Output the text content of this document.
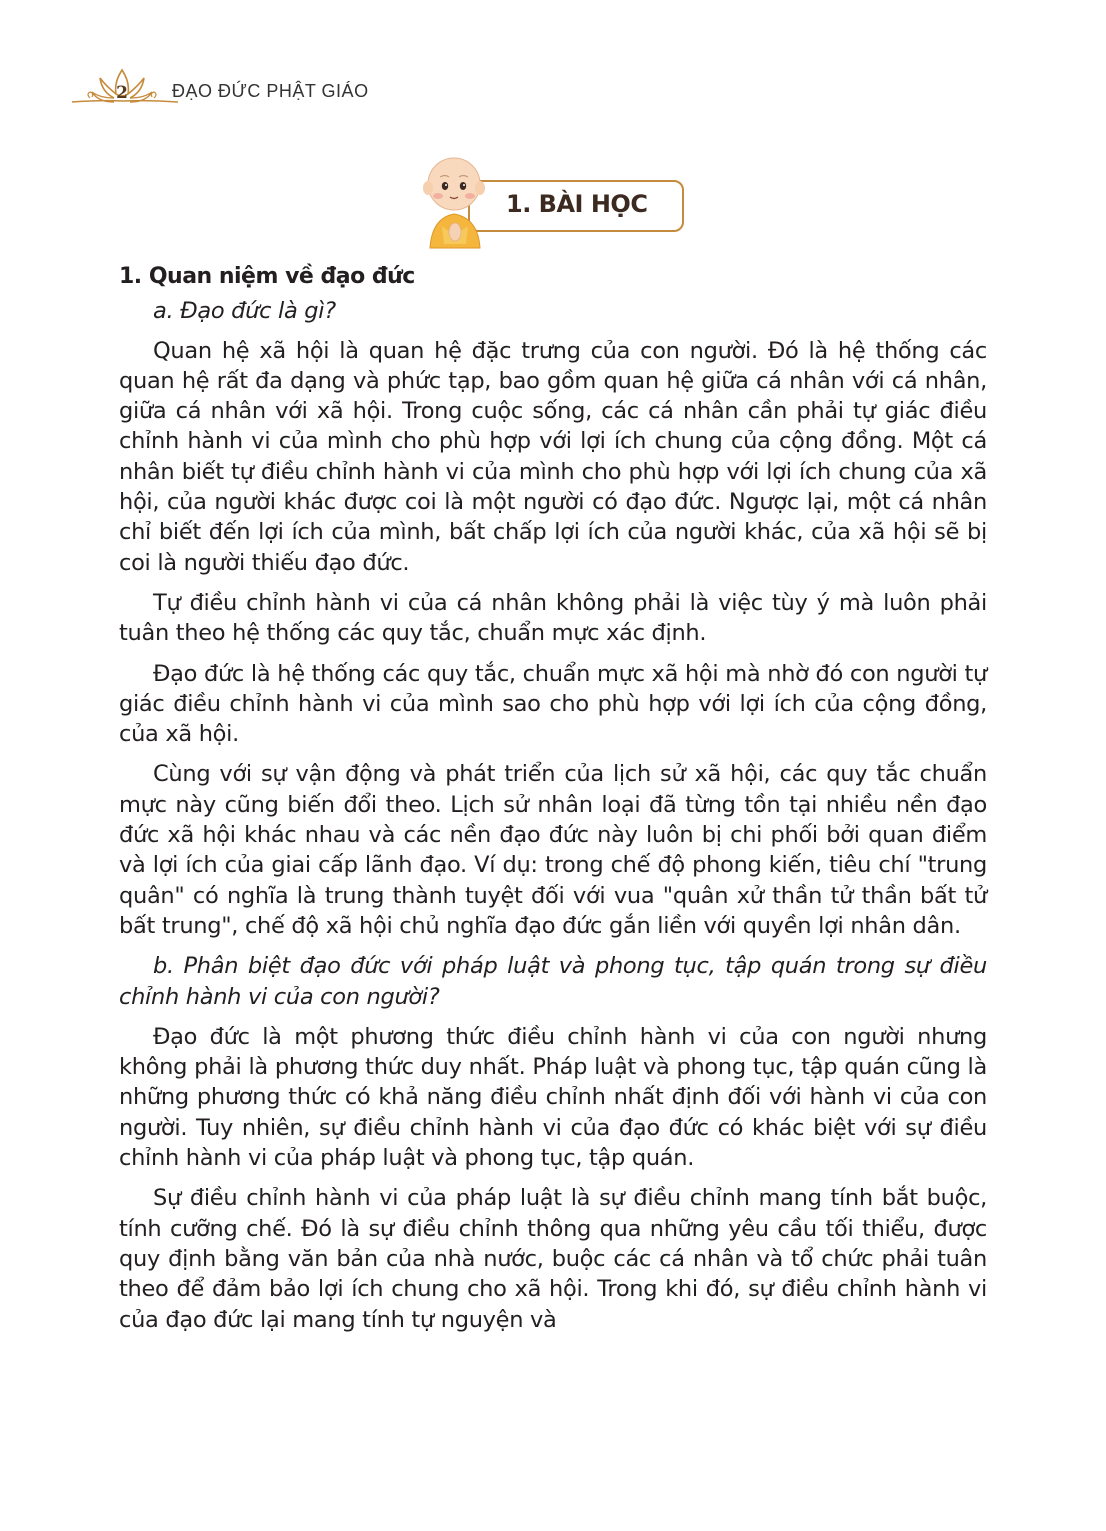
2 ĐẠO ĐỨC PHẬT GIÁO
1. BÀI HỌC
1. Quan niệm về đạo đức
a. Đạo đức là gì?

Quan hệ xã hội là quan hệ đặc trưng của con người. Đó là hệ thống các quan hệ rất đa dạng và phức tạp, bao gồm quan hệ giữa cá nhân với cá nhân, giữa cá nhân với xã hội. Trong cuộc sống, các cá nhân cần phải tự giác điều chỉnh hành vi của mình cho phù hợp với lợi ích chung của cộng đồng. Một cá nhân biết tự điều chỉnh hành vi của mình cho phù hợp với lợi ích chung của xã hội, của người khác được coi là một người có đạo đức. Ngược lại, một cá nhân chỉ biết đến lợi ích của mình, bất chấp lợi ích của người khác, của xã hội sẽ bị coi là người thiếu đạo đức.

Tự điều chỉnh hành vi của cá nhân không phải là việc tùy ý mà luôn phải tuân theo hệ thống các quy tắc, chuẩn mực xác định.

Đạo đức là hệ thống các quy tắc, chuẩn mực xã hội mà nhờ đó con người tự giác điều chỉnh hành vi của mình sao cho phù hợp với lợi ích của cộng đồng, của xã hội.

Cùng với sự vận động và phát triển của lịch sử xã hội, các quy tắc chuẩn mực này cũng biến đổi theo. Lịch sử nhân loại đã từng tồn tại nhiều nền đạo đức xã hội khác nhau và các nền đạo đức này luôn bị chi phối bởi quan điểm và lợi ích của giai cấp lãnh đạo. Ví dụ: trong chế độ phong kiến, tiêu chí "trung quân" có nghĩa là trung thành tuyệt đối với vua "quân xử thần tử thần bất tử bất trung", chế độ xã hội chủ nghĩa đạo đức gắn liền với quyền lợi nhân dân.

b. Phân biệt đạo đức với pháp luật và phong tục, tập quán trong sự điều chỉnh hành vi của con người?

Đạo đức là một phương thức điều chỉnh hành vi của con người nhưng không phải là phương thức duy nhất. Pháp luật và phong tục, tập quán cũng là những phương thức có khả năng điều chỉnh nhất định đối với hành vi của con người. Tuy nhiên, sự điều chỉnh hành vi của đạo đức có khác biệt với sự điều chỉnh hành vi của pháp luật và phong tục, tập quán.

Sự điều chỉnh hành vi của pháp luật là sự điều chỉnh mang tính bắt buộc, tính cưỡng chế. Đó là sự điều chỉnh thông qua những yêu cầu tối thiểu, được quy định bằng văn bản của nhà nước, buộc các cá nhân và tổ chức phải tuân theo để đảm bảo lợi ích chung cho xã hội. Trong khi đó, sự điều chỉnh hành vi của đạo đức lại mang tính tự nguyện và
